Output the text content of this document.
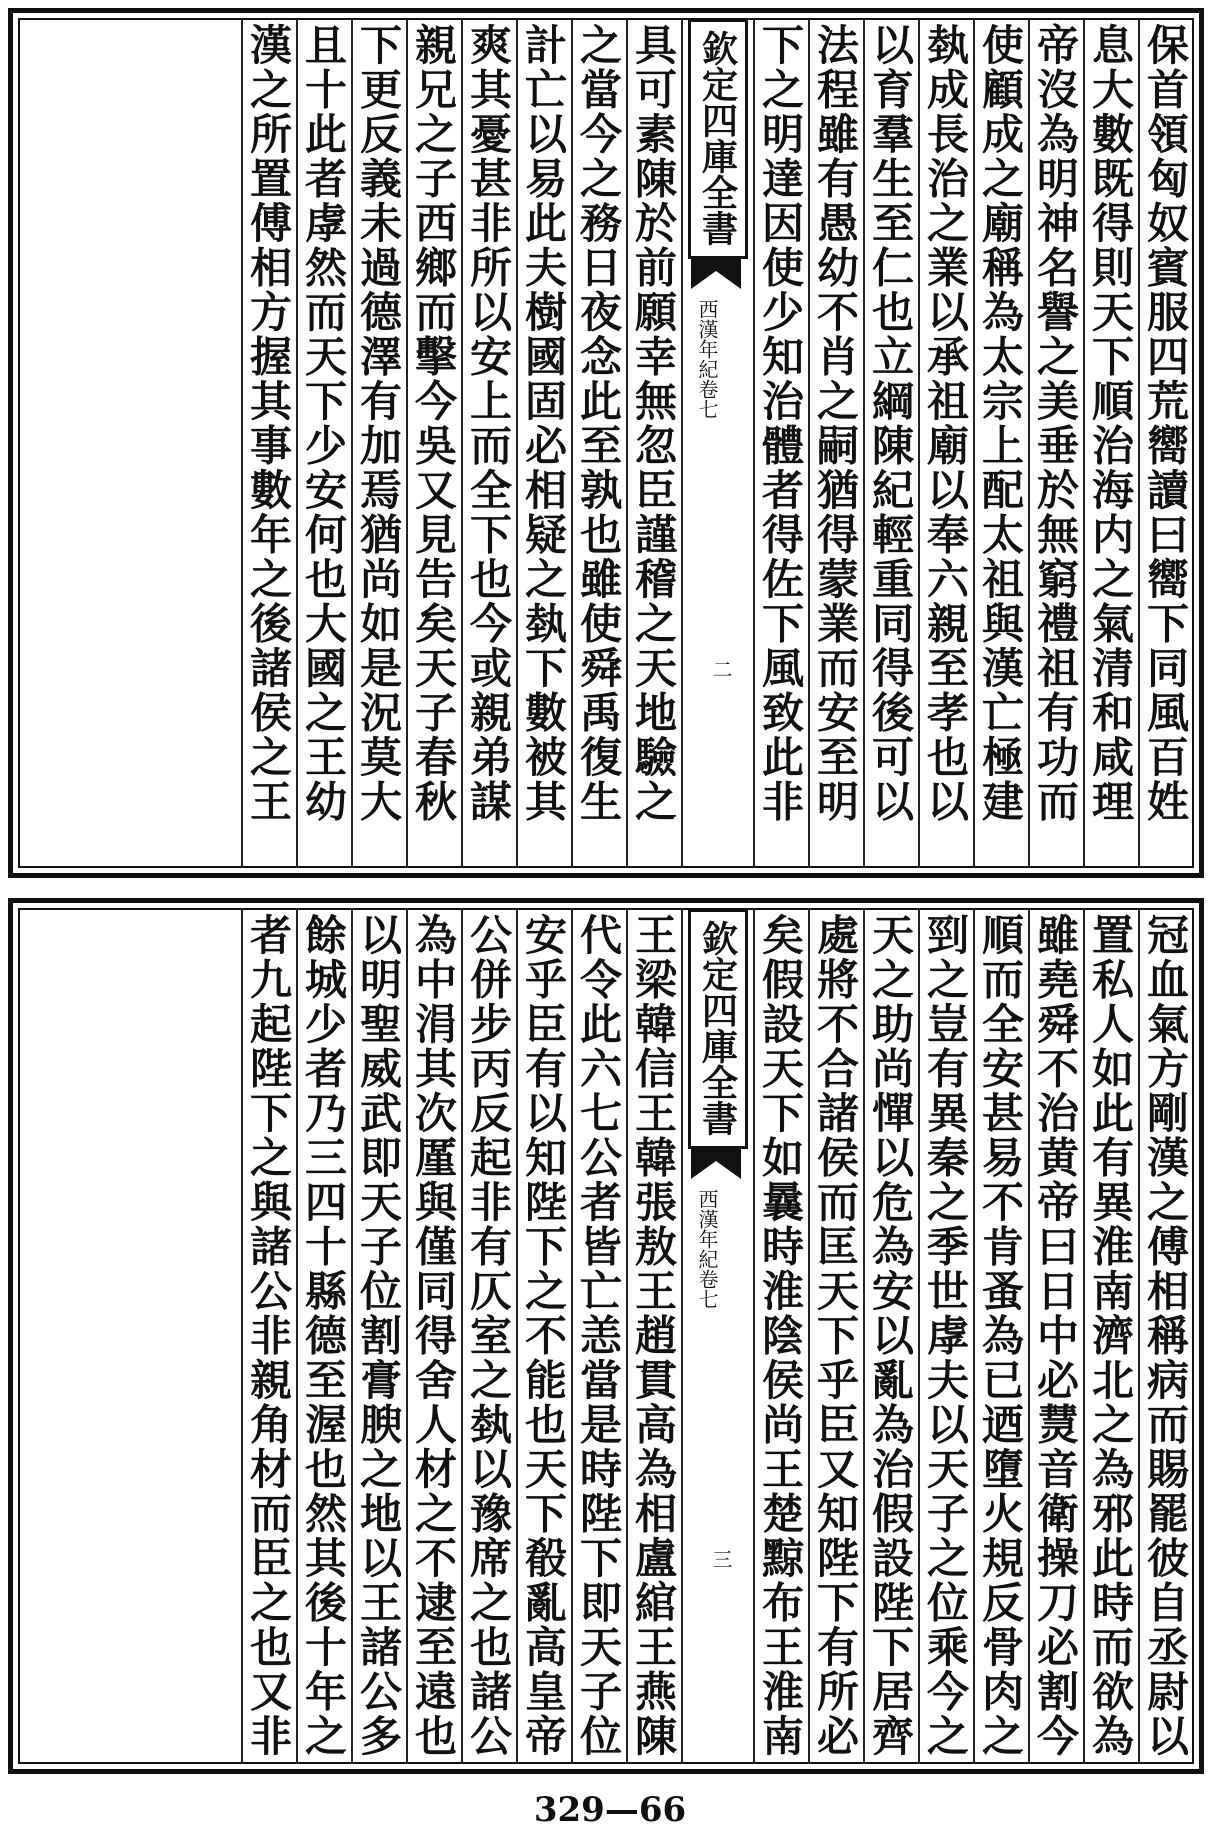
保首領匈奴賓服四荒嚮讀曰嚮下同風百姓
息大數既得則天下順治海内之氣清和咸理
帝沒為明神名譽之美垂於無窮禮祖有功而
使顧成之廟稱為太宗上配太祖與漢亡極建
埶成長治之業以承祖廟以奉六親至孝也以
以育羣生至仁也立綱陳紀輕重同得後可以
法程雖有愚幼不肖之嗣猶得蒙業而安至明
下之明達因使少知治體者得佐下風致此非
欽定四庫全書
西漢年紀卷七
二
具可素陳於前願幸無忽臣謹稽之天地驗之
之當今之務日夜念此至孰也雖使舜禹復生
計亡以易此夫樹國固必相疑之埶下數被其
爽其憂甚非所以安上而全下也今或親弟謀
親兄之子西鄉而擊今吳又見告矣天子春秋
下更反義未過德澤有加焉猶尚如是況莫大
且十此者虖然而天下少安何也大國之王幼
漢之所置傅相方握其事數年之後諸侯之王
冠血氣方剛漢之傅相稱病而賜罷彼自丞尉以
置私人如此有異淮南濟北之為邪此時而欲為
雖堯舜不治黄帝曰日中必熭音衛操刀必割今
順而全安甚易不肯蚤為已迺墮火規反骨肉之
剄之豈有異秦之季世虖夫以天子之位乘今之
天之助尚憚以危為安以亂為治假設陛下居齊
處將不合諸侯而匡天下乎臣又知陛下有所必
矣假設天下如曩時淮陰侯尚王楚黥布王淮南
欽定四庫全書
西漢年紀卷七
三
王梁韓信王韓張敖王趙貫高為相盧綰王燕陳
代令此六七公者皆亡恙當是時陛下即天子位
安乎臣有以知陛下之不能也天下殽亂高皇帝
公併步丙反起非有仄室之埶以豫席之也諸公
為中涓其次厪與僅同得舍人材之不逮至遠也
以明聖威武即天子位割膏腴之地以王諸公多
餘城少者乃三四十縣德至渥也然其後十年之
者九起陛下之與諸公非親角材而臣之也又非
329—66
